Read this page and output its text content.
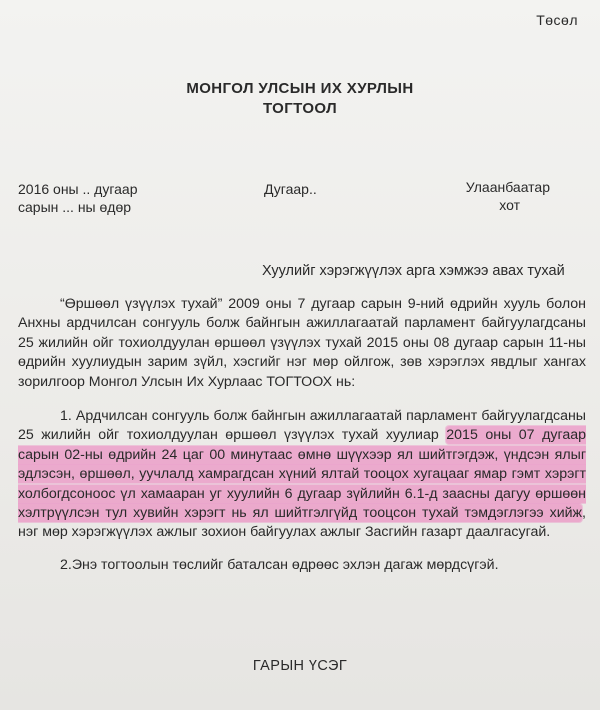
Төсөл
МОНГОЛ УЛСЫН ИХ ХУРЛЫН
ТОГТООЛ
2016 оны .. дугаар
сарын ... ны өдөр
Дугаар..	Улаанбаатар
хот
Хуулийг хэрэгжүүлэх арга хэмжээ авах тухай
“Өршөөл үзүүлэх тухай” 2009 оны 7 дугаар сарын 9-ний өдрийн хууль болон Анхны ардчилсан сонгууль болж байнгын ажиллагаатай парламент байгуулагдсаны 25 жилийн ойг тохиолдуулан өршөөл үзүүлэх тухай 2015 оны 08 дугаар сарын 11-ны өдрийн хуулиудын зарим зүйл, хэсгийг нэг мөр ойлгож, зөв хэрэглэх явдлыг хангах зорилгоор Монгол Улсын Их Хурлаас ТОГТООХ нь:
1. Ардчилсан сонгууль болж байнгын ажиллагаатай парламент байгуулагдсаны 25 жилийн ойг тохиолдуулан өршөөл үзүүлэх тухай хуулиар 2015 оны 07 дугаар сарын 02-ны өдрийн 24 цаг 00 минутаас өмнө шүүхээр ял шийтгэгдэж, үндсэн ялыг эдлэсэн, өршөөл, уучлалд хамрагдсан хүний ялтай тооцох хугацааг ямар гэмт хэрэгт холбогдсоноос үл хамааран уг хуулийн 6 дугаар зүйлийн 6.1-д заасны дагуу өршөөн хэлтрүүлсэн тул хувийн хэрэгт нь ял шийтгэлгүйд тооцсон тухай тэмдэглэгээ хийж, нэг мөр хэрэгжүүлэх ажлыг зохион байгуулах ажлыг Засгийн газарт даалгасугай.
2.Энэ тогтоолын төслийг баталсан өдрөөс эхлэн дагаж мөрдсүгэй.
ГАРЫН ҮСЭГ
